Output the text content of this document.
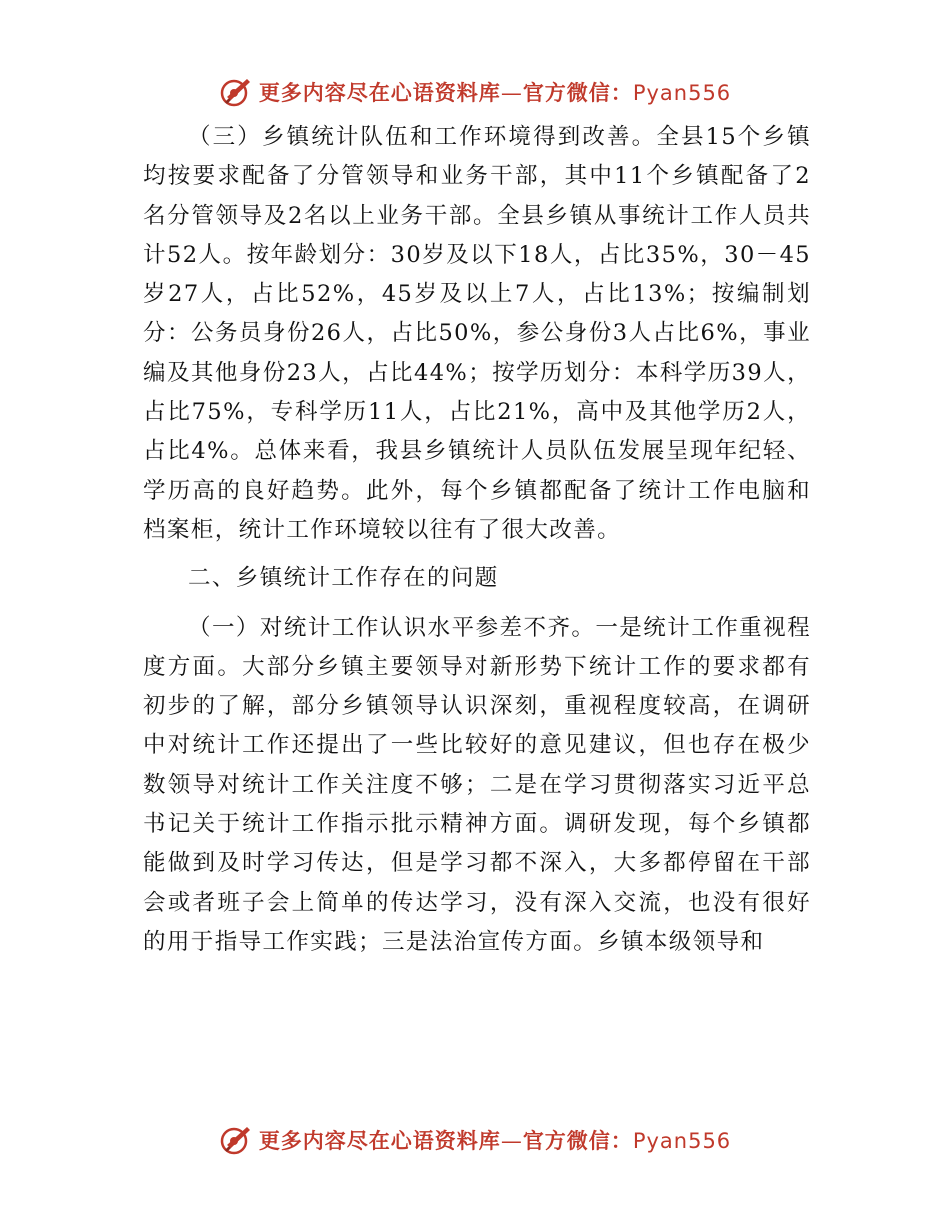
更多内容尽在心语资料库—官方微信：Pyan556

（三）乡镇统计队伍和工作环境得到改善。全县15个乡镇均按要求配备了分管领导和业务干部，其中11个乡镇配备了2名分管领导及2名以上业务干部。全县乡镇从事统计工作人员共计52人。按年龄划分：30岁及以下18人，占比35%，30－45岁27人，占比52%，45岁及以上7人，占比13%；按编制划分：公务员身份26人，占比50%，参公身份3人占比6%，事业编及其他身份23人，占比44%；按学历划分：本科学历39人，占比75%，专科学历11人，占比21%，高中及其他学历2人，占比4%。总体来看，我县乡镇统计人员队伍发展呈现年纪轻、学历高的良好趋势。此外，每个乡镇都配备了统计工作电脑和档案柜，统计工作环境较以往有了很大改善。

二、乡镇统计工作存在的问题

（一）对统计工作认识水平参差不齐。一是统计工作重视程度方面。大部分乡镇主要领导对新形势下统计工作的要求都有初步的了解，部分乡镇领导认识深刻，重视程度较高，在调研中对统计工作还提出了一些比较好的意见建议，但也存在极少数领导对统计工作关注度不够；二是在学习贯彻落实习近平总书记关于统计工作指示批示精神方面。调研发现，每个乡镇都能做到及时学习传达，但是学习都不深入，大多都停留在干部会或者班子会上简单的传达学习，没有深入交流，也没有很好的用于指导工作实践；三是法治宣传方面。乡镇本级领导和

更多内容尽在心语资料库—官方微信：Pyan556
